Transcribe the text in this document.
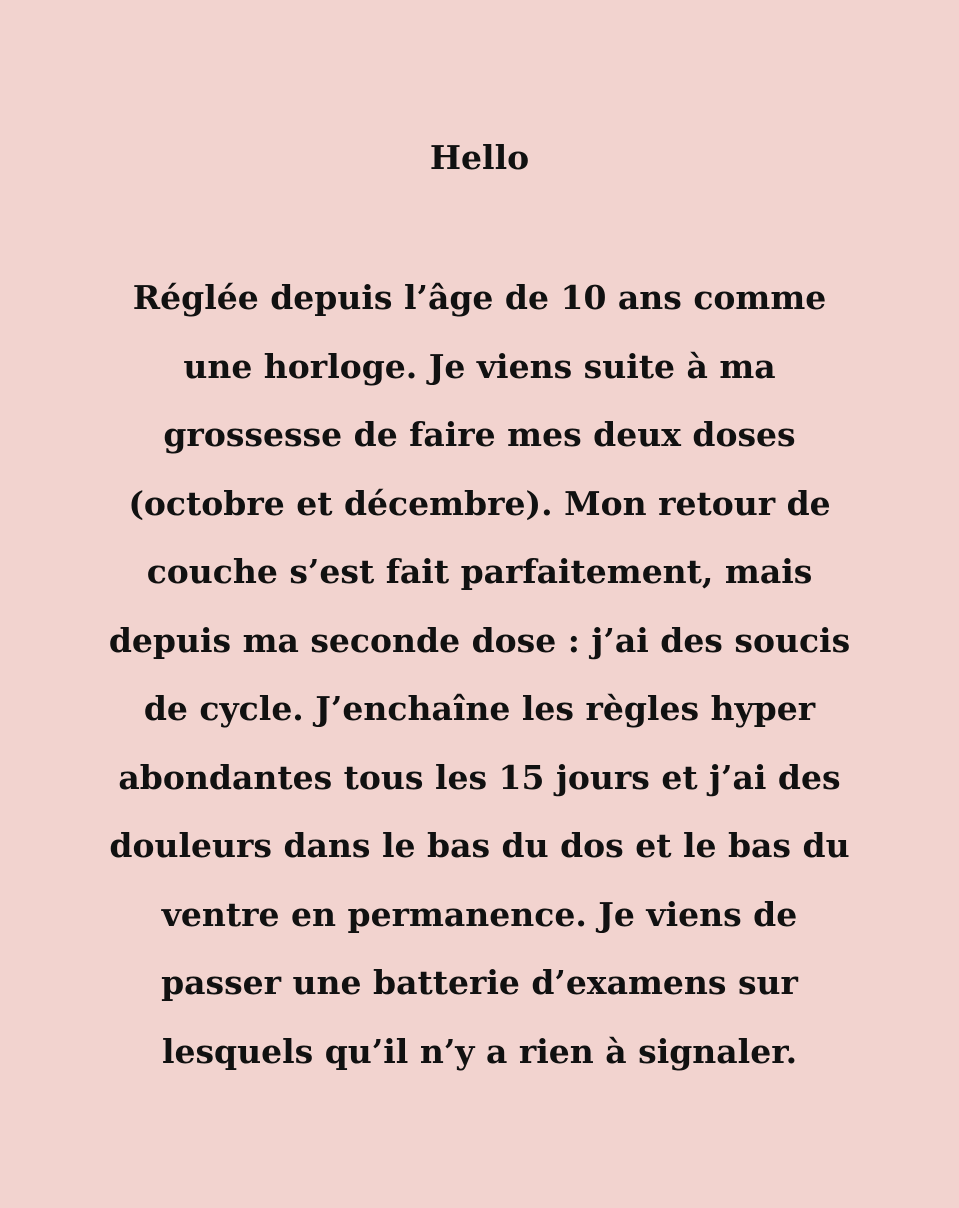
Hello
Réglée depuis l’âge de 10 ans comme
une horloge. Je viens suite à ma
grossesse de faire mes deux doses
(octobre et décembre). Mon retour de
couche s’est fait parfaitement, mais
depuis ma seconde dose : j’ai des soucis
de cycle. J’enchaîne les règles hyper
abondantes tous les 15 jours et j’ai des
douleurs dans le bas du dos et le bas du
ventre en permanence. Je viens de
passer une batterie d’examens sur
lesquels qu’il n’y a rien à signaler.
